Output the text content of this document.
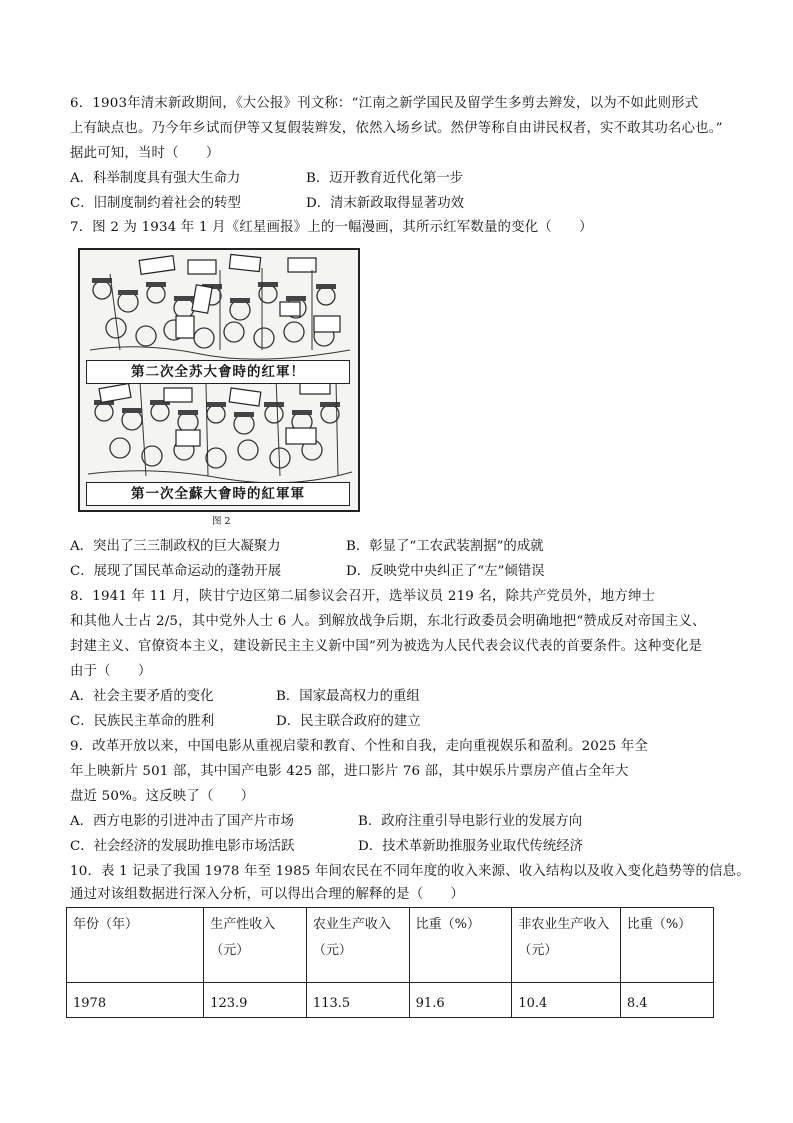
6．1903年清末新政期间，《大公报》刊文称：“江南之新学国民及留学生多剪去辫发，以为不如此则形式
上有缺点也。乃今年乡试而伊等又复假装辫发，依然入场乡试。然伊等称自由讲民权者，实不敢其功名心也。”
据此可知，当时（　　）
A．科举制度具有强大生命力	B．迈开教育近代化第一步
C．旧制度制约着社会的转型	D．清末新政取得显著功效
7．图 2 为 1934 年 1 月《红星画报》上的一幅漫画，其所示红军数量的变化（　　）
第二次全苏大會時的红軍！
第一次全蘇大會時的紅軍軍
图 2
A．突出了三三制政权的巨大凝聚力	B．彰显了“工农武装割据”的成就
C．展现了国民革命运动的蓬勃开展	D．反映党中央纠正了“左”倾错误
8．1941 年 11 月，陕甘宁边区第二届参议会召开，选举议员 219 名，除共产党员外，地方绅士
和其他人士占 2/5，其中党外人士 6 人。到解放战争后期，东北行政委员会明确地把“赞成反对帝国主义、
封建主义、官僚资本主义，建设新民主主义新中国”列为被选为人民代表会议代表的首要条件。这种变化是
由于（　　）
A．社会主要矛盾的变化	B．国家最高权力的重组
C．民族民主革命的胜利	D．民主联合政府的建立
9．改革开放以来，中国电影从重视启蒙和教育、个性和自我，走向重视娱乐和盈利。2025 年全
年上映新片 501 部，其中国产电影 425 部，进口影片 76 部，其中娱乐片票房产值占全年大
盘近 50%。这反映了（　　）
A．西方电影的引进冲击了国产片市场	B．政府注重引导电影行业的发展方向
C．社会经济的发展助推电影市场活跃	D．技术革新助推服务业取代传统经济
10．表 1 记录了我国 1978 年至 1985 年间农民在不同年度的收入来源、收入结构以及收入变化趋势等的信息。
通过对该组数据进行深入分析，可以得出合理的解释的是（　　）
年份（年）	生产性收入（元）	农业生产收入（元）	比重（%）	非农业生产收入（元）	比重（%）
1978	123.9	113.5	91.6	10.4	8.4
